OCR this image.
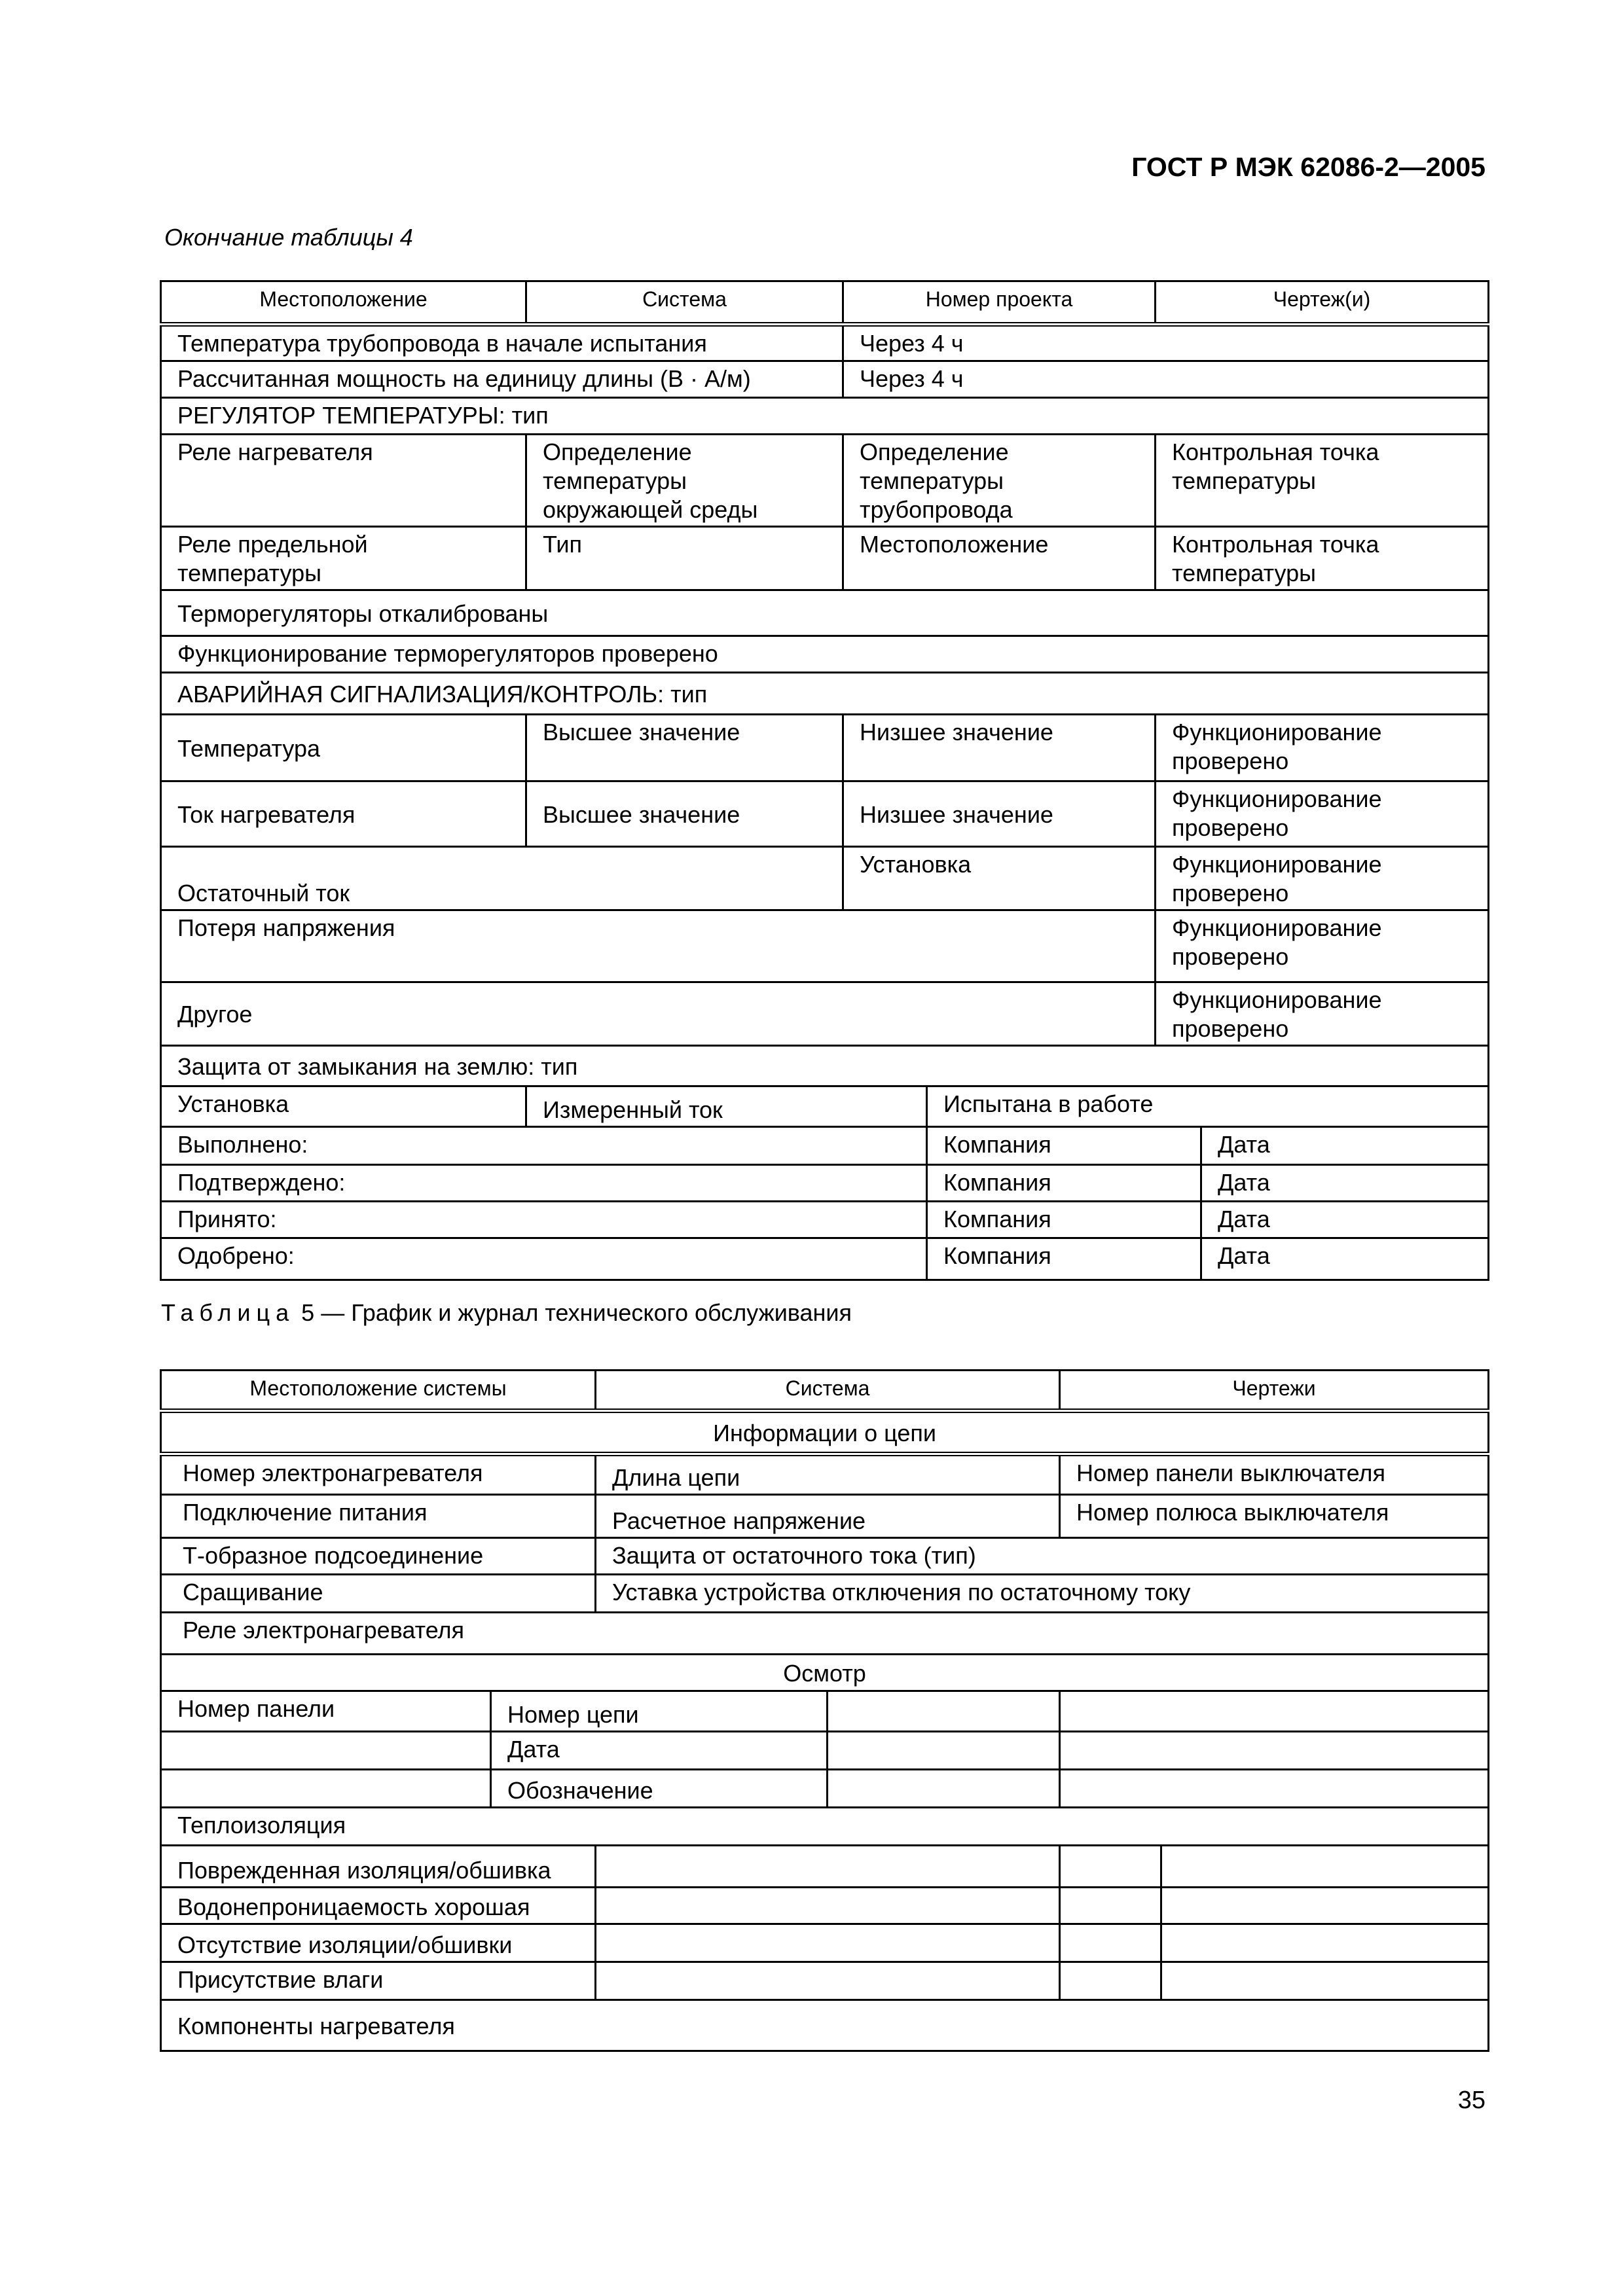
ГОСТ Р МЭК 62086-2—2005
Окончание таблицы 4
Местоположение	Система	Номер проекта		Чертеж(и)	
Температура трубопровода в начале испытания		Через 4 ч			
Рассчитанная мощность на единицу длины (В · А/м)		Через 4 ч			
РЕГУЛЯТОР ТЕМПЕРАТУРЫ: тип					
Реле нагревателя	Определение температуры окружающей среды	Определение температуры трубопровода		Контрольная точка температуры	
Реле предельной температуры	Тип	Местоположение		Контрольная точка температуры	
Терморегуляторы откалиброваны					
Функционирование терморегуляторов проверено					
АВАРИЙНАЯ СИГНАЛИЗАЦИЯ/КОНТРОЛЬ: тип					
Температура	Высшее значение	Низшее значение		Функционирование проверено	
Ток нагревателя	Высшее значение	Низшее значение		Функционирование проверено	
Остаточный ток		Установка		Функционирование проверено	
Потеря напряжения				Функционирование проверено	
Другое				Функционирование проверено	
Защита от замыкания на землю: тип					
Установка	Измеренный ток		Испытана в работе		
Выполнено:			Компания		Дата
Подтверждено:			Компания		Дата
Принято:			Компания		Дата
Одобрено:			Компания		Дата
Таблица 5 — График и журнал технического обслуживания
Местоположение системы		Система		Чертежи	
Информации о цепи					
Номер электронагревателя		Длина цепи		Номер панели выключателя	
Подключение питания		Расчетное напряжение		Номер полюса выключателя	
Т-образное подсоединение		Защита от остаточного тока (тип)			
Сращивание		Уставка устройства отключения по остаточному току			
Реле электронагревателя					
Осмотр					
Номер панели	Номер цепи				
	Дата				
	Обозначение				
Теплоизоляция					
Поврежденная изоляция/обшивка					
Водонепроницаемость хорошая					
Отсутствие изоляции/обшивки					
Присутствие влаги					
Компоненты нагревателя					
35
